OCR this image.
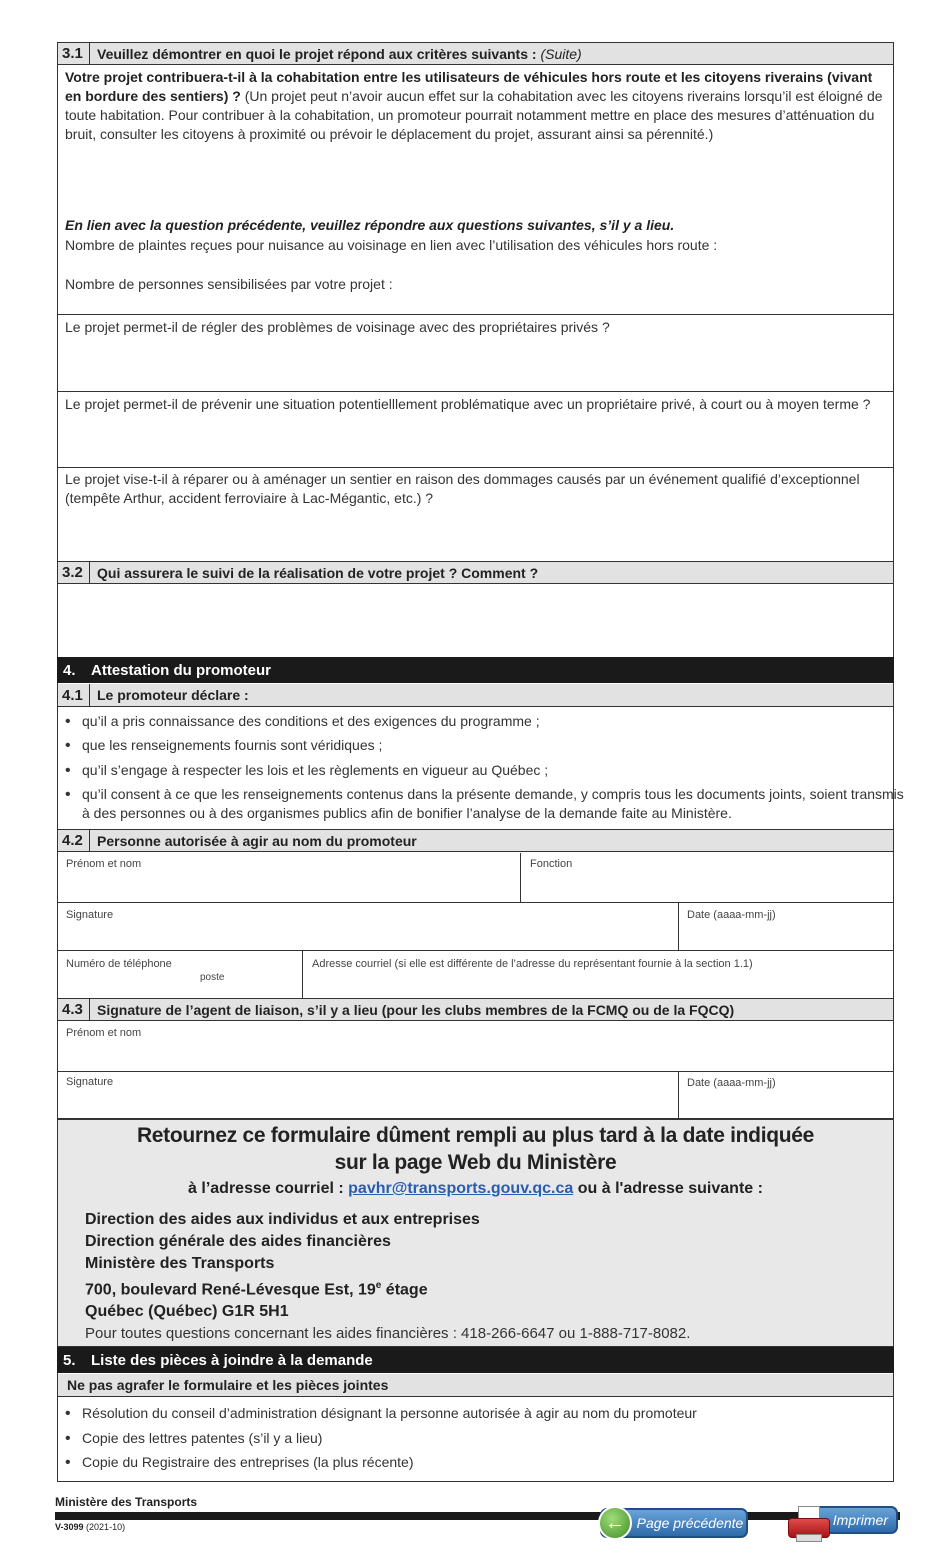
3.1	Veuillez démontrer en quoi le projet répond aux critères suivants : (Suite)
Votre projet contribuera-t-il à la cohabitation entre les utilisateurs de véhicules hors route et les citoyens riverains (vivant en bordure des sentiers) ? (Un projet peut n’avoir aucun effet sur la cohabitation avec les citoyens riverains lorsqu’il est éloigné de toute habitation. Pour contribuer à la cohabitation, un promoteur pourrait notamment mettre en place des mesures d’atténuation du bruit, consulter les citoyens à proximité ou prévoir le déplacement du projet, assurant ainsi sa pérennité.)
En lien avec la question précédente, veuillez répondre aux questions suivantes, s’il y a lieu.
Nombre de plaintes reçues pour nuisance au voisinage en lien avec l’utilisation des véhicules hors route :
Nombre de personnes sensibilisées par votre projet :
Le projet permet-il de régler des problèmes de voisinage avec des propriétaires privés ?
Le projet permet-il de prévenir une situation potentielllement problématique avec un propriétaire privé, à court ou à moyen terme ?
Le projet vise-t-il à réparer ou à aménager un sentier en raison des dommages causés par un événement qualifié d’exceptionnel (tempête Arthur, accident ferroviaire à Lac-Mégantic, etc.) ?
3.2	Qui assurera le suivi de la réalisation de votre projet ? Comment ?
4.	Attestation du promoteur
4.1	Le promoteur déclare :
• qu’il a pris connaissance des conditions et des exigences du programme ;
• que les renseignements fournis sont véridiques ;
• qu’il s’engage à respecter les lois et les règlements en vigueur au Québec ;
• qu’il consent à ce que les renseignements contenus dans la présente demande, y compris tous les documents joints, soient transmis
à des personnes ou à des organismes publics afin de bonifier l’analyse de la demande faite au Ministère.
4.2	Personne autorisée à agir au nom du promoteur
Prénom et nom	Fonction
Signature	Date (aaaa-mm-jj)
Numéro de téléphone
poste
Adresse courriel (si elle est différente de l’adresse du représentant fournie à la section 1.1)
4.3	Signature de l’agent de liaison, s’il y a lieu (pour les clubs membres de la FCMQ ou de la FQCQ)
Prénom et nom
Signature	Date (aaaa-mm-jj)
Retournez ce formulaire dûment rempli au plus tard à la date indiquée
sur la page Web du Ministère
à l’adresse courriel : pavhr@transports.gouv.qc.ca ou à l'adresse suivante :
Direction des aides aux individus et aux entreprises
Direction générale des aides financières
Ministère des Transports
700, boulevard René-Lévesque Est, 19e étage
Québec (Québec) G1R 5H1
Pour toutes questions concernant les aides financières : 418-266-6647 ou 1-888-717-8082.
5.	Liste des pièces à joindre à la demande
Ne pas agrafer le formulaire et les pièces jointes
• Résolution du conseil d’administration désignant la personne autorisée à agir au nom du promoteur
• Copie des lettres patentes (s’il y a lieu)
• Copie du Registraire des entreprises (la plus récente)
Ministère des Transports
V-3099 (2021-10)	← Page précédente	Imprimer
